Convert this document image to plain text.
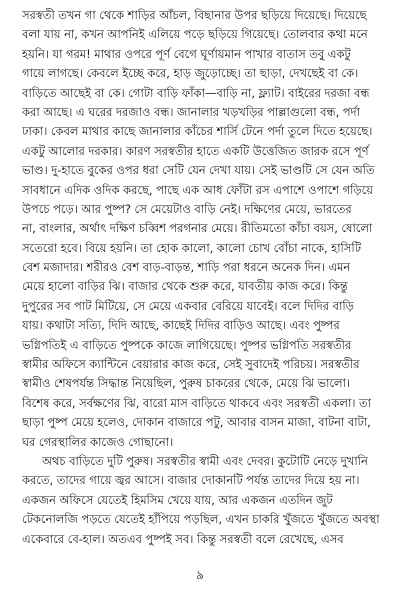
সরস্বতী তখন গা থেকে শাড়ির আঁচল, বিছানার উপর ছড়িয়ে দিয়েছে। দিয়েছে
বলা যায় না, কখন আপনিই এলিয়ে পড়ে ছড়িয়ে গিয়েছে। তোলবার কথা মনে
হয়নি। যা গরম! মাথার ওপরে পূর্ণ বেগে ঘূর্ণায়মান পাখার বাতাস তবু একটু
গায়ে লাগছে। কেবলে ইচ্ছে করে, হাড় জুড়োচ্ছে। তা ছাড়া, দেখছেই বা কে।
বাড়িতে আছেই বা কে। গোটা বাড়ি ফাঁকা—বাড়ি না, ফ্ল্যাট। বাইরের দরজা বন্ধ
করা আছে। এ ঘরের দরজাও বন্ধ। জানালার খড়খড়ির পাল্লাগুলো বন্ধ, পর্দা
ঢাকা। কেবল মাথার কাছে জানালার কাঁচের শার্সি টেনে পর্দা তুলে দিতে হয়েছে।
একটু আলোর দরকার। কারণ সরস্বতীর হাতে একটি উত্তেজিত জারক রসে পূর্ণ
ভাণ্ড। দু-হাতে বুকের ওপর ধরা সেটি যেন দেখা যায়। সেই ভাণ্ডটি সে যেন অতি
সাবধানে এদিক ওদিক করছে, পাছে এক আধ ফোঁটা রস এপাশে ওপাশে গড়িয়ে
উপচে পড়ে। আর পুষ্প? সে মেয়েটাও বাড়ি নেই। দক্ষিণের মেয়ে, ভারতের
না, বাংলার, অর্থাৎ দক্ষিণ চব্বিশ পরগনার মেয়ে। রীতিমতো কাঁচা বয়স, ষোলো
সতেরো হবে। বিয়ে হয়নি। তা হোক কালো, কালো চোখ বোঁচা নাকে, হাসিটি
বেশ মজাদার। শরীরও বেশ বাড়-বাড়ন্ত, শাড়ি পরা ধরনে অনেক দিন। এমন
মেয়ে হালো বাড়ির ঝি। বাজার থেকে শুরু করে, যাবতীয় কাজ করে। কিন্তু
দুপুরের সব পাট মিটিয়ে, সে মেয়ে একবার বেরিয়ে যাবেই। বলে দিদির বাড়ি
যায়। কথাটা সত্যি, দিদি আছে, কাছেই দিদির বাড়িও আছে। এবং পুষ্পর
ভগ্নিপতিই এ বাড়িতে পুষ্পকে কাজে লাগিয়েছে। পুষ্পর ভগ্নিপতি সরস্বতীর
স্বামীর অফিসে ক্যান্টিনে বেয়ারার কাজ করে, সেই সুবাদেই পরিচয়। সরস্বতীর
স্বামীও শেষপর্যন্ত সিদ্ধান্ত নিয়েছিল, পুরুষ চাকরের থেকে, মেয়ে ঝি ভালো।
বিশেষ করে, সর্বক্ষণের ঝি, বারো মাস বাড়িতে থাকবে এবং সরস্বতী একলা। তা
ছাড়া পুষ্প মেয়ে হলেও, দোকান বাজারে পটু, আবার বাসন মাজা, বাটনা বাটা,
ঘর গেরস্থালির কাজেও গোছানো।
অথচ বাড়িতে দুটি পুরুষ। সরস্বতীর স্বামী এবং দেবর। কুটোটি নেড়ে দুখানি
করতে, তাদের গায়ে জ্বর আসে। বাজার দোকানটি পর্যন্ত তাদের দিয়ে হয় না।
একজন অফিসে যেতেই হিমসিম খেয়ে যায়, আর একজন এতদিন জুট
টেকনোলজি পড়তে যেতেই হাঁপিয়ে পড়ছিল, এখন চাকরি খুঁজতে খুঁজতে অবস্থা
একেবারে বে-হাল। অতএব পুষ্পই সব। কিন্তু সরস্বতী বলে রেখেছে, এসব
৯
